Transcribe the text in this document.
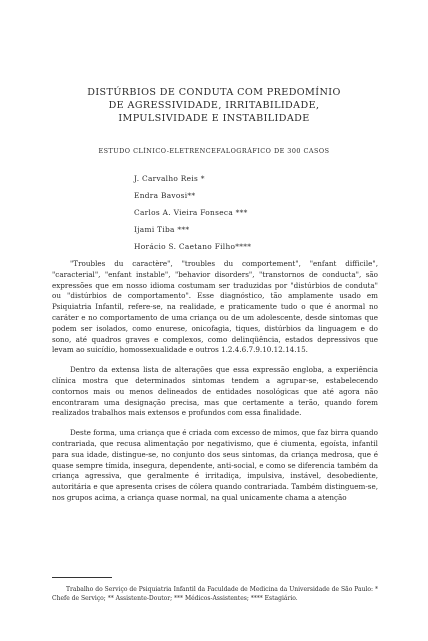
DISTÚRBIOS DE CONDUTA COM PREDOMÍNIO
DE AGRESSIVIDADE, IRRITABILIDADE,
IMPULSIVIDADE E INSTABILIDADE
ESTUDO CLÍNICO-ELETRENCEFALOGRÁFICO DE 300 CASOS
J. Carvalho Reis *
Endra Bavosi**
Carlos A. Vieira Fonseca ***
Ijami Tiba ***
Horácio S. Caetano Filho****

"Troubles du caractère", "troubles du comportement", "enfant difficile", "caracterial", "enfant instable", "behavior disorders", "transtornos de conducta", são expressões que em nosso idioma costumam ser traduzidas por "distúrbios de conduta" ou "distúrbios de comportamento". Esse diagnóstico, tão amplamente usado em Psiquiatria Infantil, refere-se, na realidade, e praticamente tudo o que é anormal no caráter e no comportamento de uma criança ou de um adolescente, desde sintomas que podem ser isolados, como enurese, onicofagia, tiques, distúrbios da linguagem e do sono, até quadros graves e complexos, como delinqüência, estados depressivos que levam ao suicídio, homossexualidade e outros 1.2.4.6.7.9.10.12.14.15.

Dentro da extensa lista de alterações que essa expressão engloba, a experiência clínica mostra que determinados sintomas tendem a agrupar-se, estabelecendo contornos mais ou menos delineados de entidades nosológicas que até agora não encontraram uma designação precisa, mas que certamente a terão, quando forem realizados trabalhos mais extensos e profundos com essa finalidade.

Deste forma, uma criança que é criada com excesso de mimos, que faz birra quando contrariada, que recusa alimentação por negativismo, que é ciumenta, egoísta, infantil para sua idade, distingue-se, no conjunto dos seus sintomas, da criança medrosa, que é quase sempre tímida, insegura, dependente, anti-social, e como se diferencia também da criança agressiva, que geralmente é irritadiça, impulsiva, instável, desobediente, autoritária e que apresenta crises de cólera quando contrariada. Também distinguem-se, nos grupos acima, a criança quase normal, na qual unicamente chama a atenção

Trabalho do Serviço de Psiquiatria Infantil da Faculdade de Medicina da Universidade de São Paulo: * Chefe de Serviço; ** Assistente-Doutor; *** Médicos-Assistentes; **** Estagiário.
